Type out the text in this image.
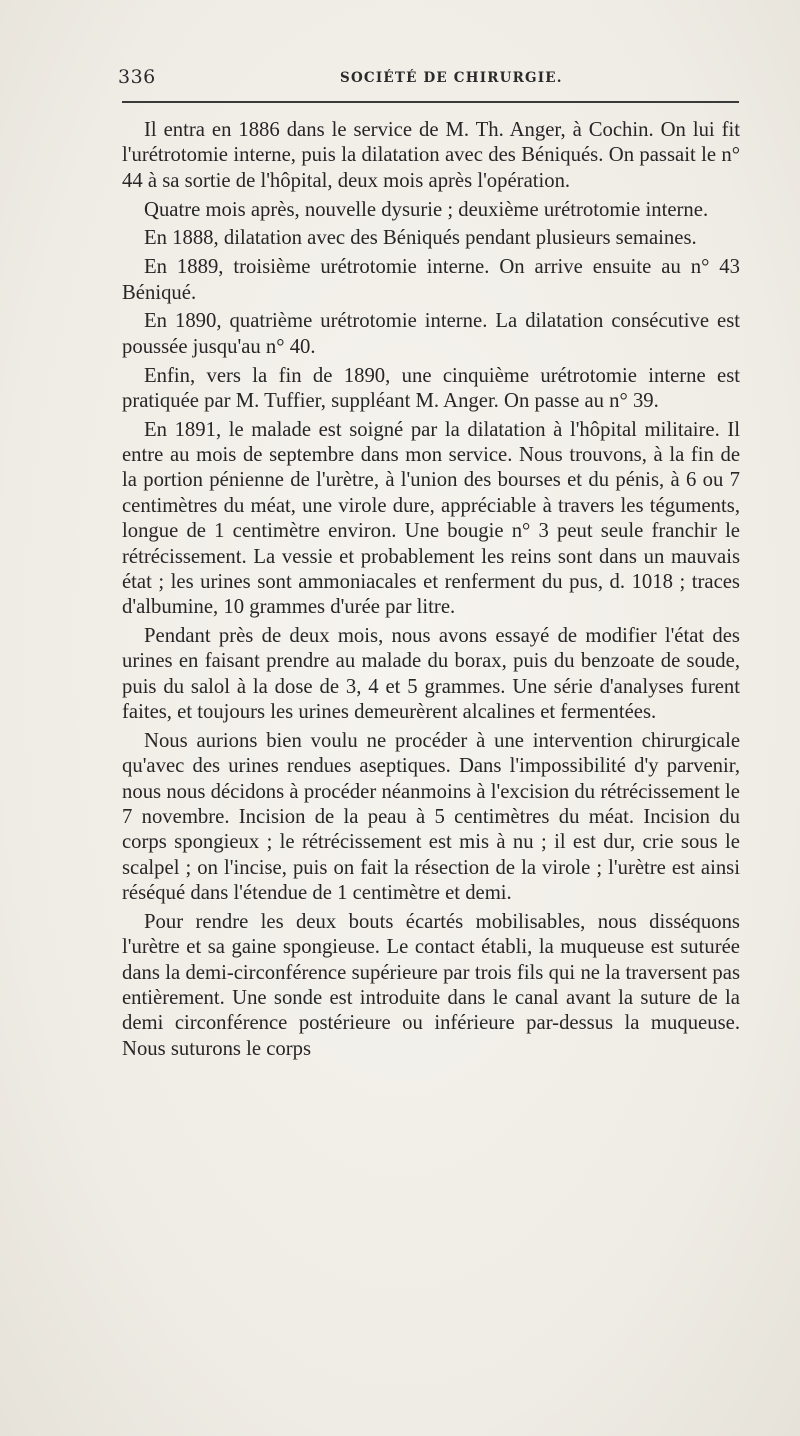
336	SOCIÉTÉ DE CHIRURGIE.

Il entra en 1886 dans le service de M. Th. Anger, à Cochin. On lui fit l'urétrotomie interne, puis la dilatation avec des Béniqués. On passait le n° 44 à sa sortie de l'hôpital, deux mois après l'opération.

Quatre mois après, nouvelle dysurie ; deuxième urétrotomie interne.

En 1888, dilatation avec des Béniqués pendant plusieurs semaines.

En 1889, troisième urétrotomie interne. On arrive ensuite au n° 43 Béniqué.

En 1890, quatrième urétrotomie interne. La dilatation consécutive est poussée jusqu'au n° 40.

Enfin, vers la fin de 1890, une cinquième urétrotomie interne est pratiquée par M. Tuffier, suppléant M. Anger. On passe au n° 39.

En 1891, le malade est soigné par la dilatation à l'hôpital militaire. Il entre au mois de septembre dans mon service. Nous trouvons, à la fin de la portion pénienne de l'urètre, à l'union des bourses et du pénis, à 6 ou 7 centimètres du méat, une virole dure, appréciable à travers les téguments, longue de 1 centimètre environ. Une bougie n° 3 peut seule franchir le rétrécissement. La vessie et probablement les reins sont dans un mauvais état ; les urines sont ammoniacales et renferment du pus, d. 1018 ; traces d'albumine, 10 grammes d'urée par litre.

Pendant près de deux mois, nous avons essayé de modifier l'état des urines en faisant prendre au malade du borax, puis du benzoate de soude, puis du salol à la dose de 3, 4 et 5 grammes. Une série d'analyses furent faites, et toujours les urines demeurèrent alcalines et fermentées.

Nous aurions bien voulu ne procéder à une intervention chirurgicale qu'avec des urines rendues aseptiques. Dans l'impossibilité d'y parvenir, nous nous décidons à procéder néanmoins à l'excision du rétrécissement le 7 novembre. Incision de la peau à 5 centimètres du méat. Incision du corps spongieux ; le rétrécissement est mis à nu ; il est dur, crie sous le scalpel ; on l'incise, puis on fait la résection de la virole ; l'urètre est ainsi réséqué dans l'étendue de 1 centimètre et demi.

Pour rendre les deux bouts écartés mobilisables, nous disséquons l'urètre et sa gaine spongieuse. Le contact établi, la muqueuse est suturée dans la demi-circonférence supérieure par trois fils qui ne la traversent pas entièrement. Une sonde est introduite dans le canal avant la suture de la demi circonférence postérieure ou inférieure par-dessus la muqueuse. Nous suturons le corps
